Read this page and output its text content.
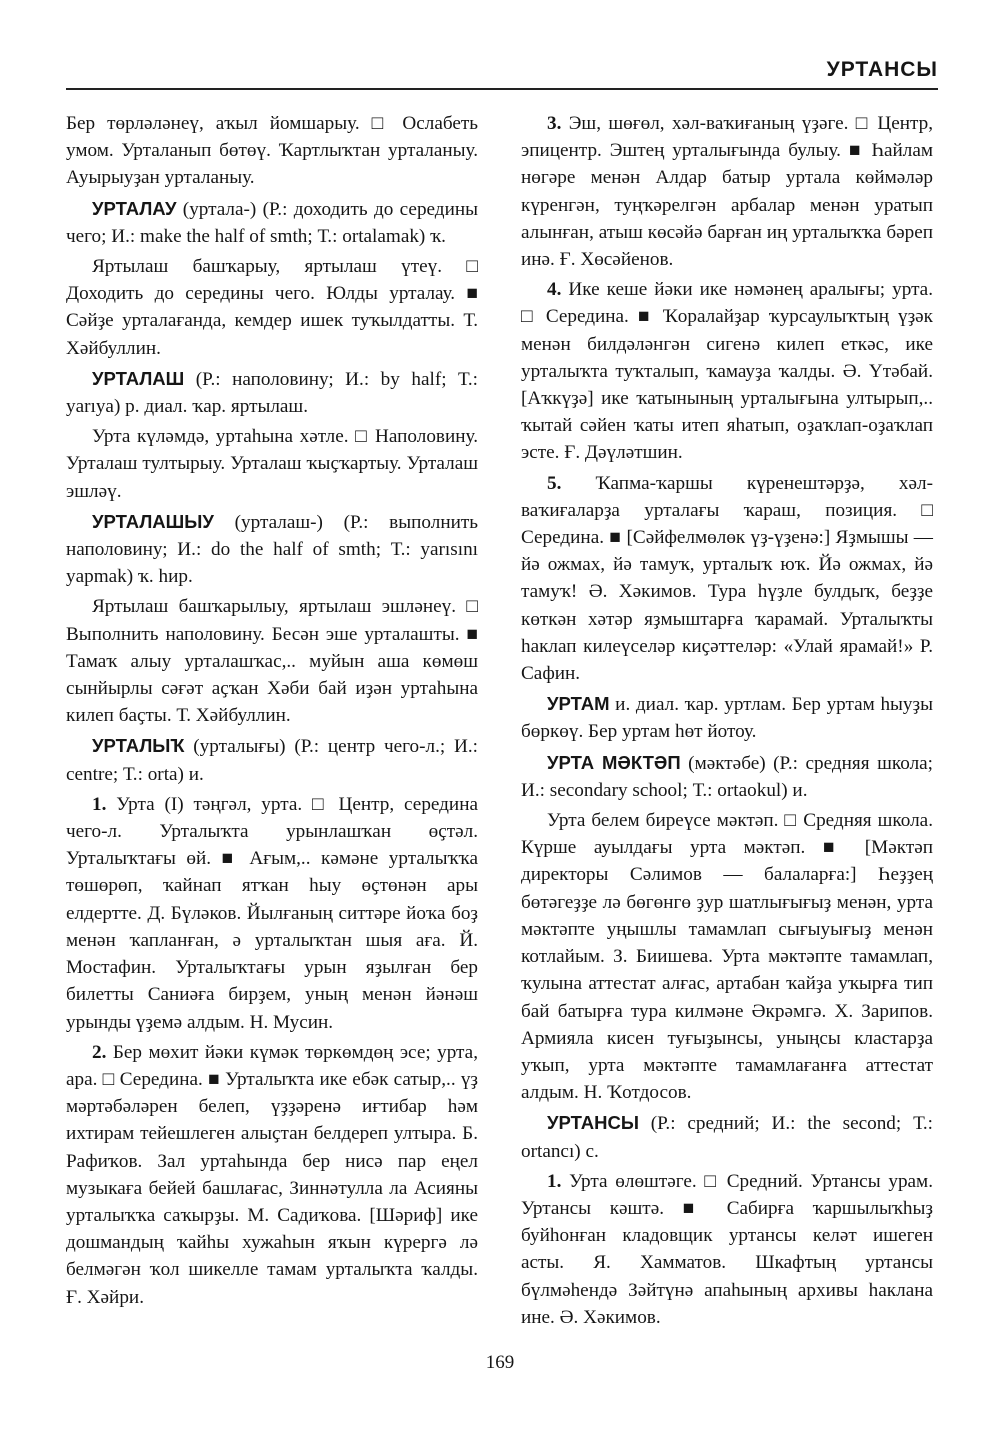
УРТАНСЫ

Бер төрләләнеү, аҡыл йомшарыу. □ Ослабеть умом. Урталанып бөтөү. Ҡартлыҡтан урталаныу. Ауырыуҙан урталаныу.

УРТАЛАУ (уртала-) (Р.: доходить до середины чего; И.: make the half of smth; Т.: ortalamak) ҡ.

Яртылаш башҡарыу, яртылаш үтеү. □ Доходить до середины чего. Юлды урталау. ■ Сәйҙе урталағанда, кемдер ишек туҡылдатты. Т. Хәйбуллин.

УРТАЛАШ (Р.: наполовину; И.: by half; Т.: yarıya) р. диал. ҡар. яртылаш.

Урта күләмдә, уртаһына хәтле. □ Наполовину. Урталаш тултырыу. Урталаш ҡыҫҡартыу. Урталаш эшләү.

УРТАЛАШЫУ (урталаш-) (Р.: выполнить наполовину; И.: do the half of smth; Т.: yarısını yapmak) ҡ. һир.

Яртылаш башҡарылыу, яртылаш эшләнеү. □ Выполнить наполовину. Бесән эше урталашты. ■ Тамаҡ алыу урталашҡас,.. муйын аша көмөш сынйырлы сәғәт аҫҡан Хәби бай иҙән уртаһына килеп баҫты. Т. Хәйбуллин.

УРТАЛЫҠ (урталығы) (Р.: центр чего-л.; И.: centre; Т.: orta) и.

1. Урта (I) тәңгәл, урта. □ Центр, середина чего-л. Урталыҡта урынлашҡан өҫтәл. Урталыҡтағы өй. ■ Ағым,.. кәмәне урталыҡҡа төшөрөп, ҡайнап ятҡан һыу өҫтөнән ары елдертте. Д. Бүләков. Йылғаның ситтәре йоҡа боҙ менән ҡапланған, ә урталыҡтан шыя аға. Й. Мостафин. Урталыҡтағы урын яҙылған бер билетты Саниәға бирҙем, уның менән йәнәш урынды үҙемә алдым. Н. Мусин.

2. Бер мөхит йәки күмәк төркөмдөң эсе; урта, ара. □ Середина. ■ Урталыҡта ике ебәк сатыр,.. үҙ мәртәбәләрен белеп, үҙҙәренә иғтибар һәм ихтирам тейешлеген алыҫтан белдереп ултыра. Б. Рафиҡов. Зал уртаһында бер нисә пар еңел музыкаға бейей башлағас, Зиннәтулла ла Асияны урталыҡҡа саҡырҙы. М. Садиҡова. [Шәриф] ике дошмандың ҡайһы хужаһын яҡын күрергә лә белмәгән ҡол шикелле тамам урталыҡта ҡалды. Ғ. Хәйри.

3. Эш, шөғөл, хәл-ваҡиғаның үҙәге. □ Центр, эпицентр. Эштең урталығында булыу. ■ Һайлам нөгәре менән Алдар батыр уртала көймәләр күренгән, туңҡәрелгән арбалар менән уратып алынған, атыш көсәйә барған иң урталыҡҡа бәреп инә. Ғ. Хөсәйенов.

4. Ике кеше йәки ике нәмәнең аралығы; урта. □ Середина. ■ Ҡоралайҙар ҡурсаулыҡтың үҙәк менән билдәләнгән сигенә килеп еткәс, ике урталыҡта туҡталып, ҡамауҙа ҡалды. Ә. Үтәбай. [Аҡкүҙә] ике ҡатынының урталығына ултырып,.. ҡытай сәйен ҡаты итеп яһатып, оҙаҡлап-оҙаҡлап эсте. Ғ. Дәүләтшин.

5. Ҡапма-ҡаршы күренештәрҙә, хәл-ваҡиғаларҙа урталағы ҡараш, позиция. □ Середина. ■ [Сәйфелмөлөк үҙ-үҙенә:] Яҙмышы — йә ожмах, йә тамуҡ, урталыҡ юҡ. Йә ожмах, йә тамуҡ! Ә. Хәкимов. Тура һүҙле булдыҡ, беҙҙе көткән хәтәр яҙмыштарға ҡарамай. Урталыҡты һаклап килеүселәр киҫәттеләр: «Улай ярамай!» Р. Сафин.

УРТАМ и. диал. ҡар. уртлам. Бер уртам һыуҙы бөркөү. Бер уртам һөт йотоу.

УРТА МӘКТӘП (мәктәбе) (Р.: средняя школа; И.: secondary school; Т.: ortaokul) и.

Урта белем биреүсе мәктәп. □ Средняя школа. Күрше ауылдағы урта мәктәп. ■ [Мәктәп директоры Сәлимов — балаларға:] Һеҙҙең бөтәгеҙҙе лә бөгөнгө ҙур шатлығығыҙ менән, урта мәктәпте уңышлы тамамлап сығыуығыҙ менән котлайым. З. Биишева. Урта мәктәпте тамамлап, ҡулына аттестат алғас, артабан ҡайҙа уҡырға тип бай батырға тура килмәне Әкрәмгә. Х. Зарипов. Армияла кисен туғыҙынсы, уныңсы кластарҙа уҡып, урта мәктәпте тамамлағанға аттестат алдым. Н. Ҡотдосов.

УРТАНСЫ (Р.: средний; И.: the second; Т.: ortancı) с.

1. Урта өлөштәге. □ Средний. Уртансы урам. Уртансы кәштә. ■ Сабирға ҡаршылыҡһыҙ буйһонған кладовщик уртансы келәт ишеген асты. Я. Хамматов. Шкафтың уртансы бүлмәһендә Зәйтүнә апаһының архивы һаклана ине. Ә. Хәкимов.

169
